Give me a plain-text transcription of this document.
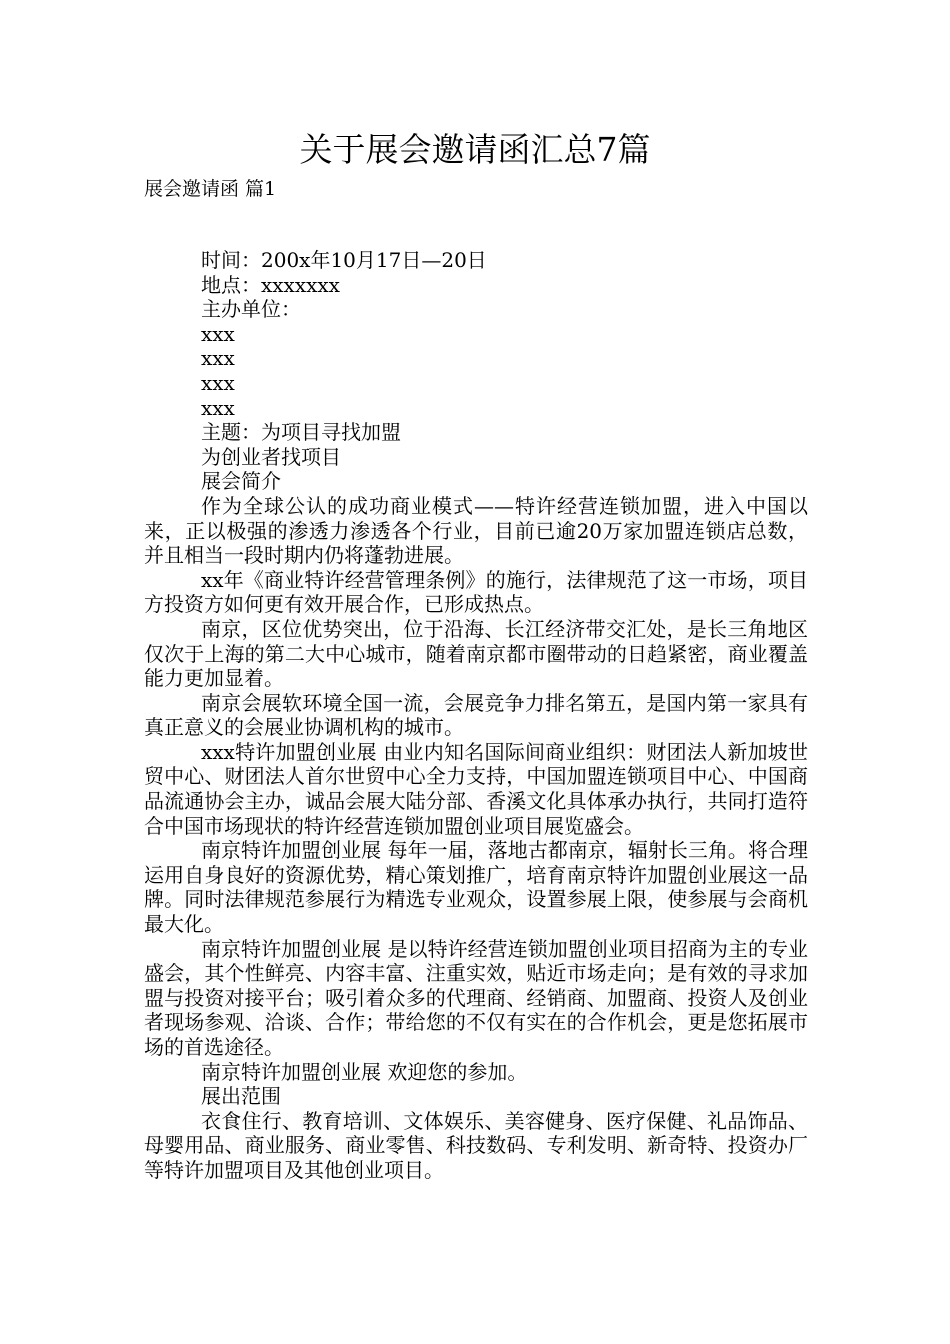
关于展会邀请函汇总7篇
展会邀请函 篇1
时间：200x年10月17日—20日
地点：xxxxxxx
主办单位：
xxx
xxx
xxx
xxx
主题：为项目寻找加盟
为创业者找项目
展会简介

作为全球公认的成功商业模式——特许经营连锁加盟，进入中国以来，正以极强的渗透力渗透各个行业，目前已逾20万家加盟连锁店总数，并且相当一段时期内仍将蓬勃进展。

xx年《商业特许经营管理条例》的施行，法律规范了这一市场，项目方投资方如何更有效开展合作，已形成热点。

南京，区位优势突出，位于沿海、长江经济带交汇处，是长三角地区仅次于上海的第二大中心城市，随着南京都市圈带动的日趋紧密，商业覆盖能力更加显着。

南京会展软环境全国一流，会展竞争力排名第五，是国内第一家具有真正意义的会展业协调机构的城市。

xxx特许加盟创业展 由业内知名国际间商业组织：财团法人新加坡世贸中心、财团法人首尔世贸中心全力支持，中国加盟连锁项目中心、中国商品流通协会主办，诚品会展大陆分部、香溪文化具体承办执行，共同打造符合中国市场现状的特许经营连锁加盟创业项目展览盛会。

南京特许加盟创业展 每年一届，落地古都南京，辐射长三角。将合理运用自身良好的资源优势，精心策划推广，培育南京特许加盟创业展这一品牌。同时法律规范参展行为精选专业观众，设置参展上限，使参展与会商机最大化。

南京特许加盟创业展 是以特许经营连锁加盟创业项目招商为主的专业盛会，其个性鲜亮、内容丰富、注重实效，贴近市场走向；是有效的寻求加盟与投资对接平台；吸引着众多的代理商、经销商、加盟商、投资人及创业者现场参观、洽谈、合作；带给您的不仅有实在的合作机会，更是您拓展市场的首选途径。

南京特许加盟创业展 欢迎您的参加。

展出范围

衣食住行、教育培训、文体娱乐、美容健身、医疗保健、礼品饰品、母婴用品、商业服务、商业零售、科技数码、专利发明、新奇特、投资办厂等特许加盟项目及其他创业项目。
